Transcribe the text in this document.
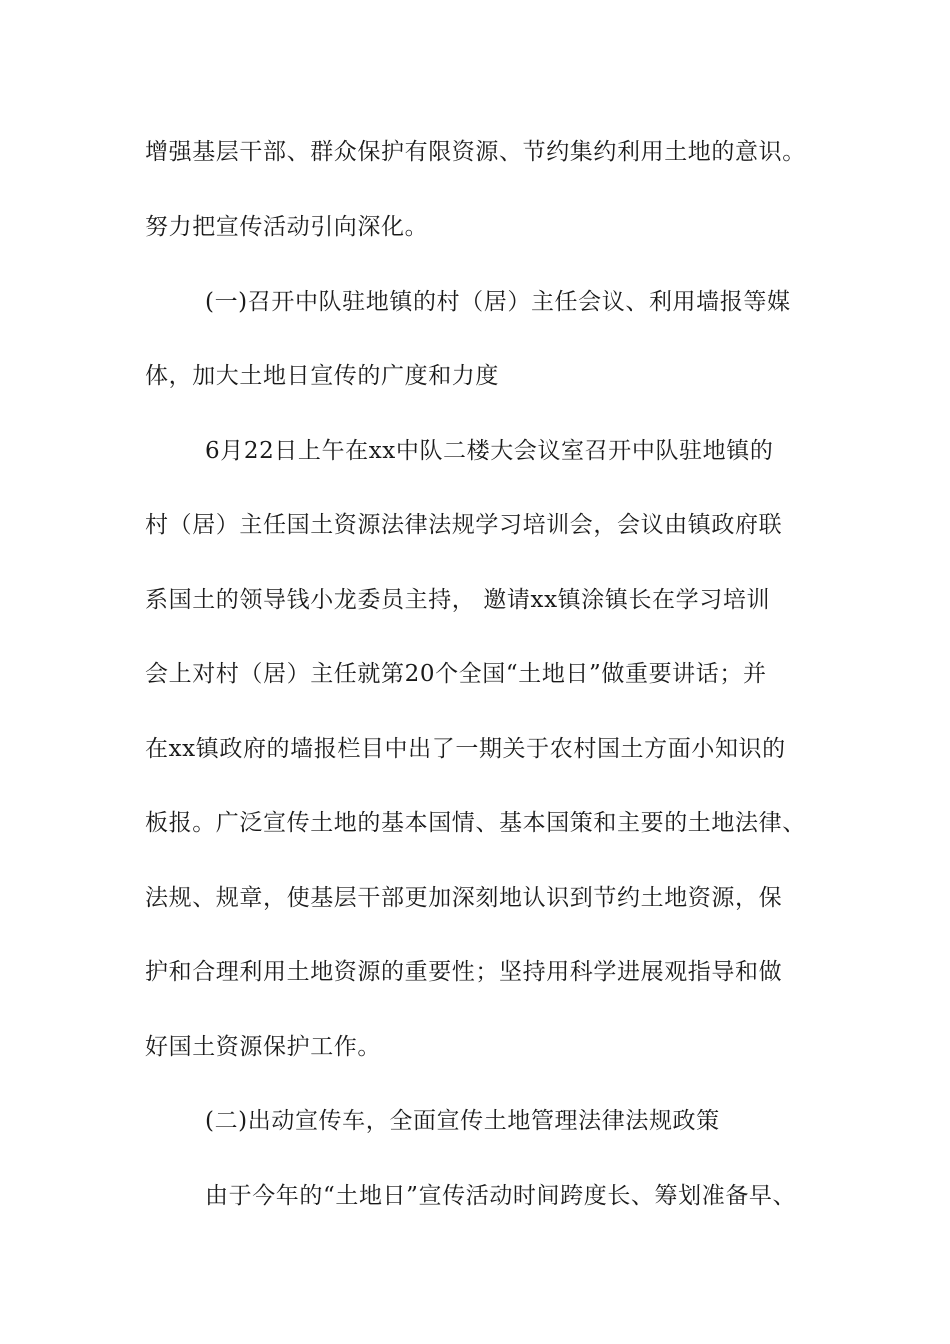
增强基层干部、群众保护有限资源、节约集约利用土地的意识。
努力把宣传活动引向深化。
(一)召开中队驻地镇的村（居）主任会议、利用墙报等媒
体，加大土地日宣传的广度和力度
6月22日上午在xx中队二楼大会议室召开中队驻地镇的
村（居）主任国土资源法律法规学习培训会，会议由镇政府联
系国土的领导钱小龙委员主持， 邀请xx镇涂镇长在学习培训
会上对村（居）主任就第20个全国“土地日”做重要讲话；并
在xx镇政府的墙报栏目中出了一期关于农村国土方面小知识的
板报。广泛宣传土地的基本国情、基本国策和主要的土地法律、
法规、规章，使基层干部更加深刻地认识到节约土地资源，保
护和合理利用土地资源的重要性；坚持用科学进展观指导和做
好国土资源保护工作。
(二)出动宣传车，全面宣传土地管理法律法规政策
由于今年的“土地日”宣传活动时间跨度长、筹划准备早、
